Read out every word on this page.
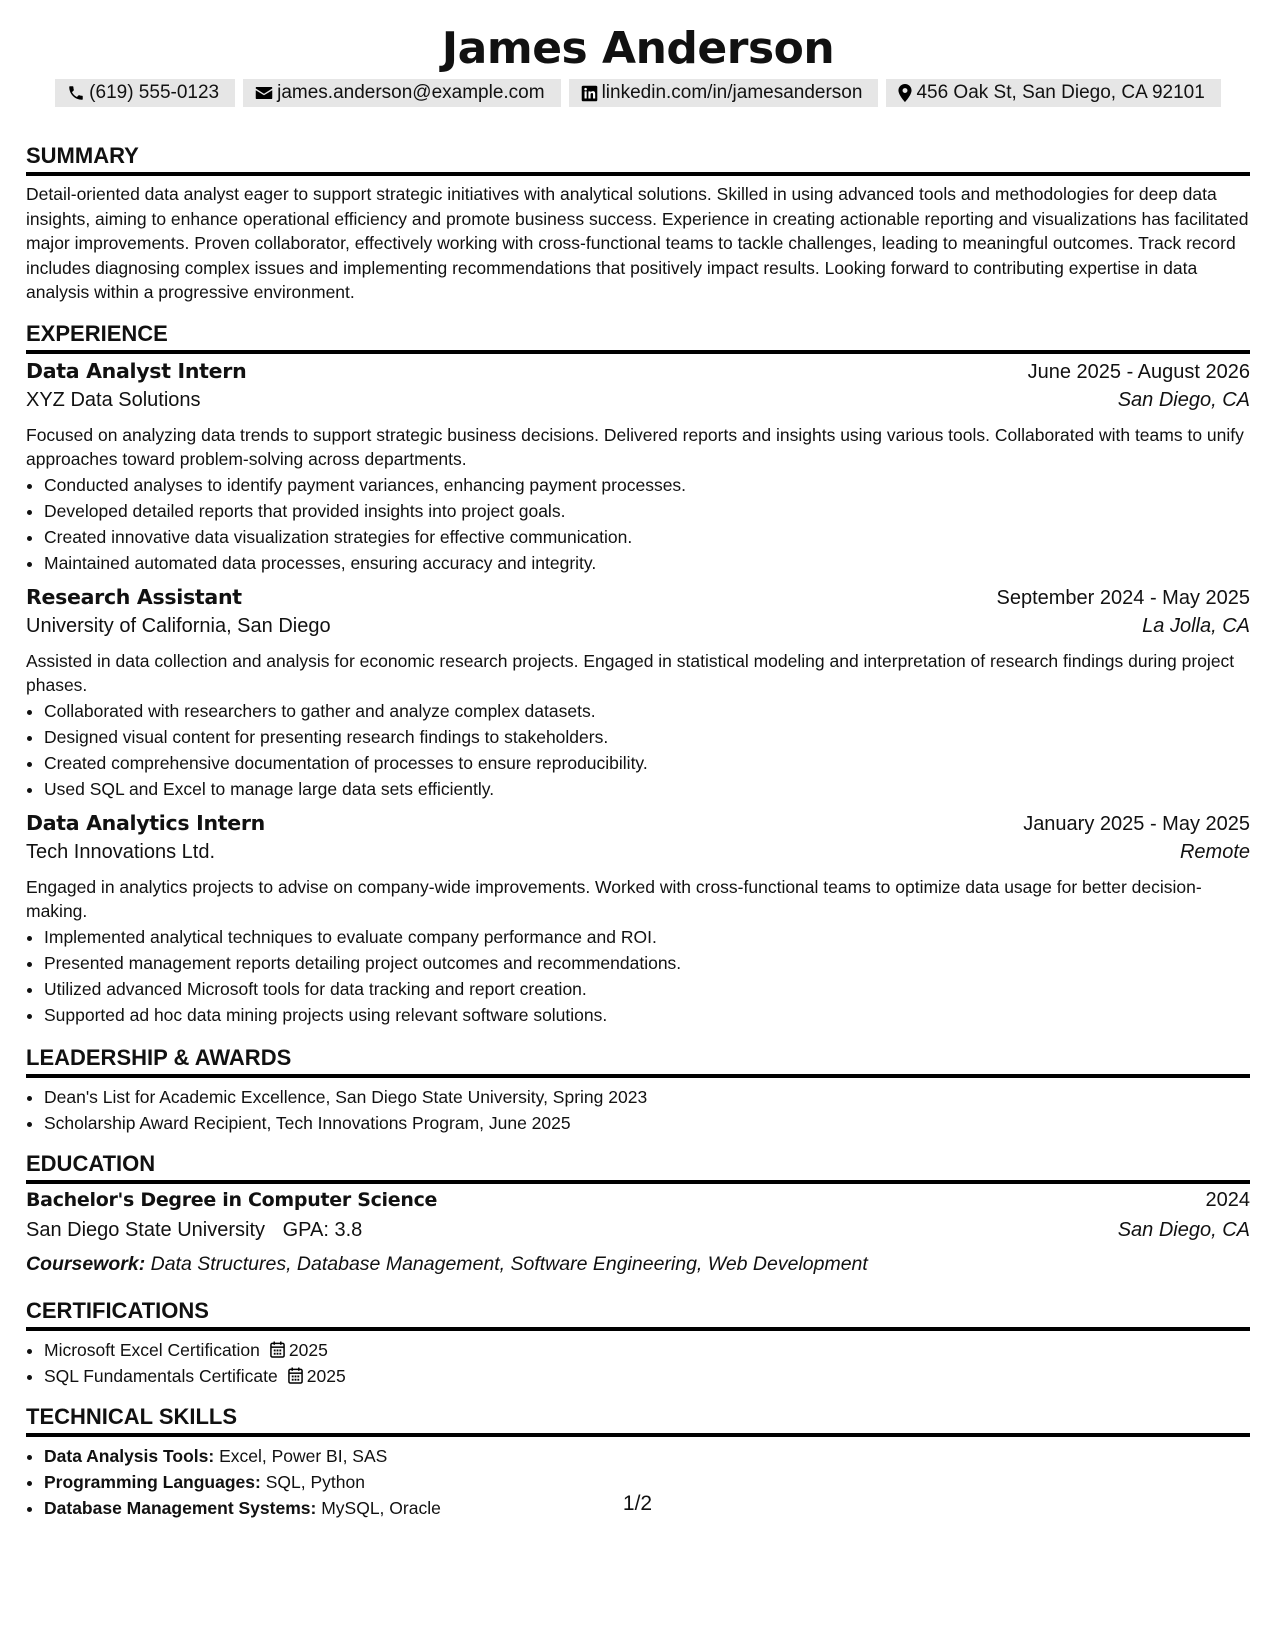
James Anderson
(619) 555-0123	james.anderson@example.com	linkedin.com/in/jamesanderson	456 Oak St, San Diego, CA 92101
SUMMARY

Detail-oriented data analyst eager to support strategic initiatives with analytical solutions. Skilled in using advanced tools and methodologies for deep data insights, aiming to enhance operational efficiency and promote business success. Experience in creating actionable reporting and visualizations has facilitated major improvements. Proven collaborator, effectively working with cross-functional teams to tackle challenges, leading to meaningful outcomes. Track record includes diagnosing complex issues and implementing recommendations that positively impact results. Looking forward to contributing expertise in data analysis within a progressive environment.

EXPERIENCE
Data Analyst Intern	June 2025 - August 2026
XYZ Data Solutions	San Diego, CA

Focused on analyzing data trends to support strategic business decisions. Delivered reports and insights using various tools. Collaborated with teams to unify approaches toward problem-solving across departments.

• Conducted analyses to identify payment variances, enhancing payment processes.
• Developed detailed reports that provided insights into project goals.
• Created innovative data visualization strategies for effective communication.
• Maintained automated data processes, ensuring accuracy and integrity.
Research Assistant	September 2024 - May 2025
University of California, San Diego	La Jolla, CA

Assisted in data collection and analysis for economic research projects. Engaged in statistical modeling and interpretation of research findings during project phases.

• Collaborated with researchers to gather and analyze complex datasets.
• Designed visual content for presenting research findings to stakeholders.
• Created comprehensive documentation of processes to ensure reproducibility.
• Used SQL and Excel to manage large data sets efficiently.
Data Analytics Intern	January 2025 - May 2025
Tech Innovations Ltd.	Remote

Engaged in analytics projects to advise on company-wide improvements. Worked with cross-functional teams to optimize data usage for better decision-making.

• Implemented analytical techniques to evaluate company performance and ROI.
• Presented management reports detailing project outcomes and recommendations.
• Utilized advanced Microsoft tools for data tracking and report creation.
• Supported ad hoc data mining projects using relevant software solutions.
LEADERSHIP & AWARDS
• Dean's List for Academic Excellence, San Diego State University, Spring 2023
• Scholarship Award Recipient, Tech Innovations Program, June 2025
EDUCATION
Bachelor's Degree in Computer Science	2024
San Diego State University GPA: 3.8	San Diego, CA
Coursework: Data Structures, Database Management, Software Engineering, Web Development
CERTIFICATIONS
• Microsoft Excel Certification 2025
• SQL Fundamentals Certificate 2025
TECHNICAL SKILLS
• Data Analysis Tools: Excel, Power BI, SAS
• Programming Languages: SQL, Python
• Database Management Systems: MySQL, Oracle	1/2
